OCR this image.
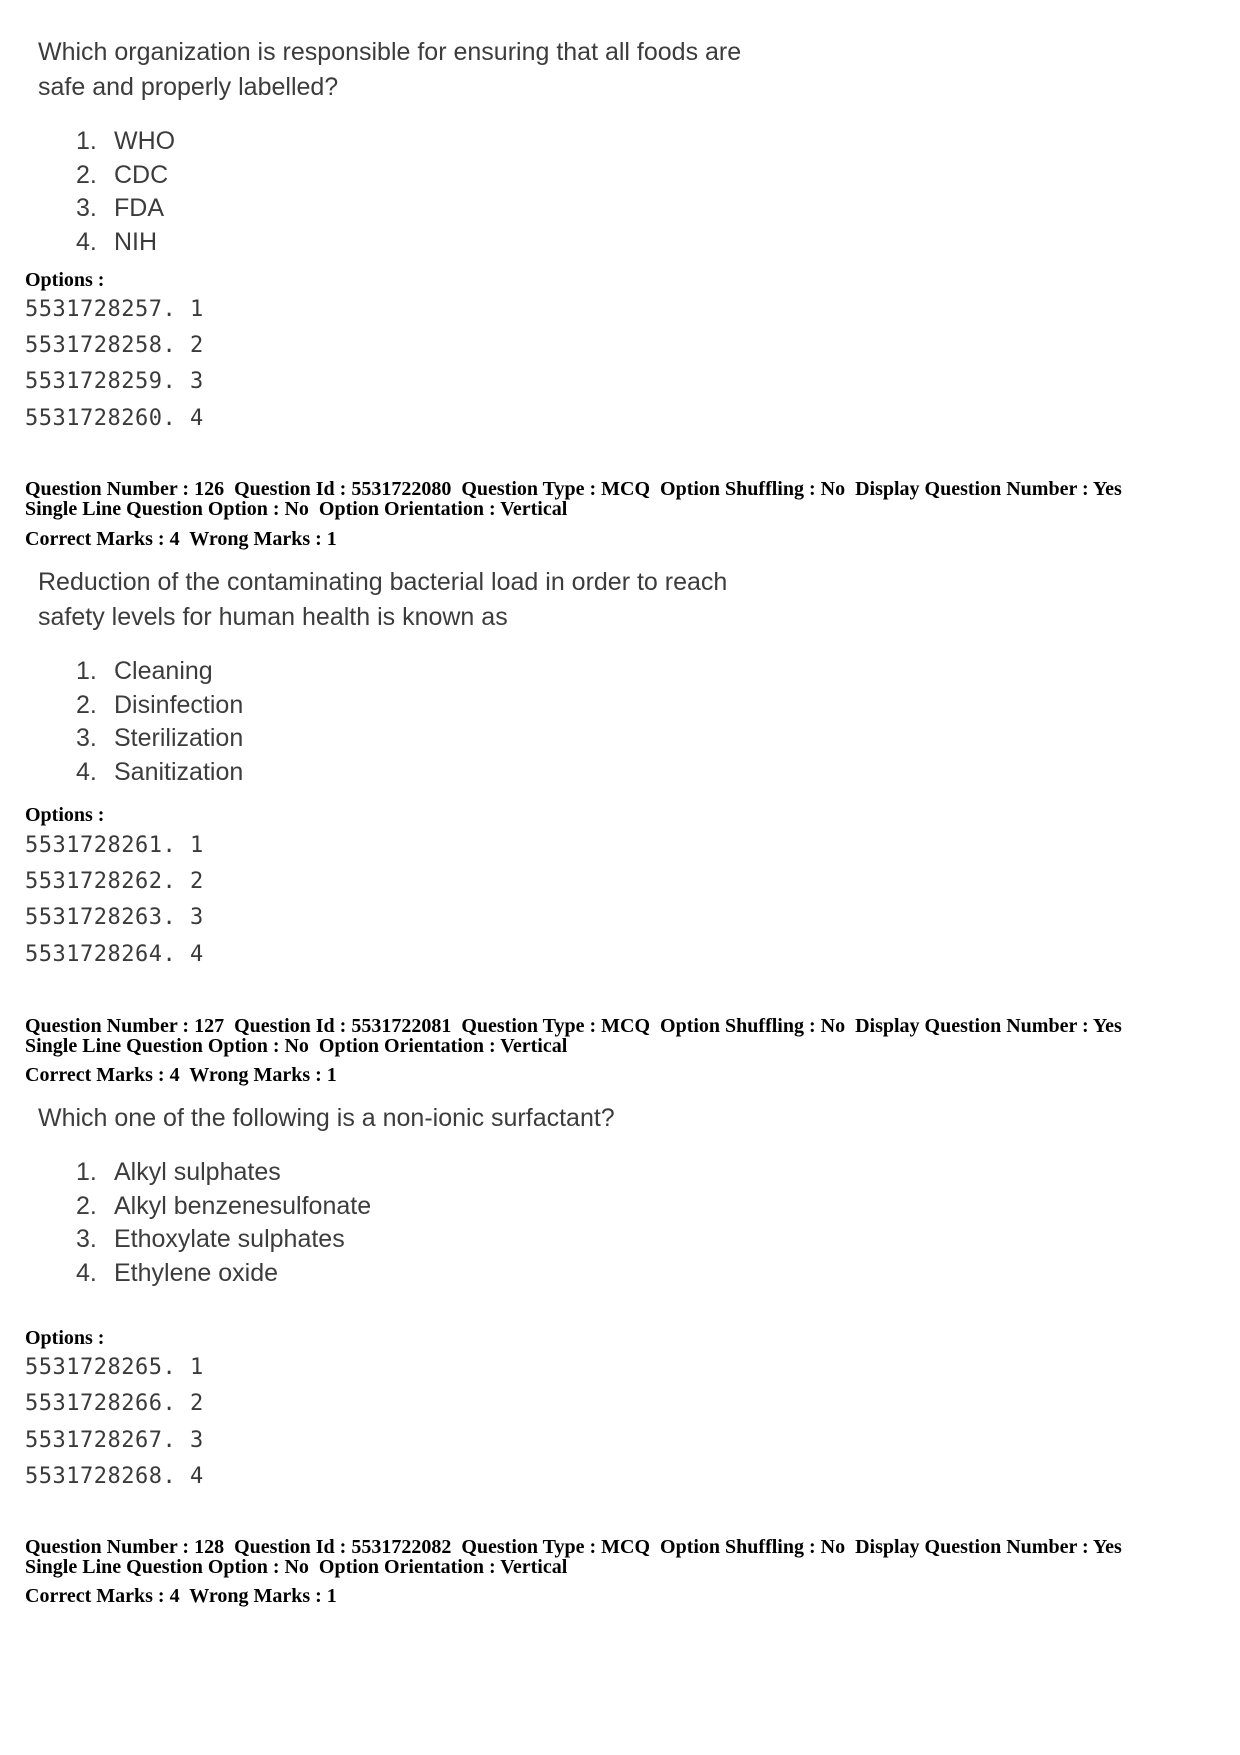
Which organization is responsible for ensuring that all foods are

safe and properly labelled?

1. WHO
2. CDC
3. FDA
4. NIH
Options :
5531728257. 1
5531728258. 2
5531728259. 3
5531728260. 4
Question Number : 126  Question Id : 5531722080  Question Type : MCQ  Option Shuffling : No  Display Question Number : Yes
Single Line Question Option : No  Option Orientation : Vertical
Correct Marks : 4  Wrong Marks : 1

Reduction of the contaminating bacterial load in order to reach

safety levels for human health is known as

1. Cleaning
2. Disinfection
3. Sterilization
4. Sanitization
Options :
5531728261. 1
5531728262. 2
5531728263. 3
5531728264. 4
Question Number : 127  Question Id : 5531722081  Question Type : MCQ  Option Shuffling : No  Display Question Number : Yes
Single Line Question Option : No  Option Orientation : Vertical
Correct Marks : 4  Wrong Marks : 1

Which one of the following is a non-ionic surfactant?

1. Alkyl sulphates
2. Alkyl benzenesulfonate
3. Ethoxylate sulphates
4. Ethylene oxide
Options :
5531728265. 1
5531728266. 2
5531728267. 3
5531728268. 4
Question Number : 128  Question Id : 5531722082  Question Type : MCQ  Option Shuffling : No  Display Question Number : Yes
Single Line Question Option : No  Option Orientation : Vertical
Correct Marks : 4  Wrong Marks : 1
